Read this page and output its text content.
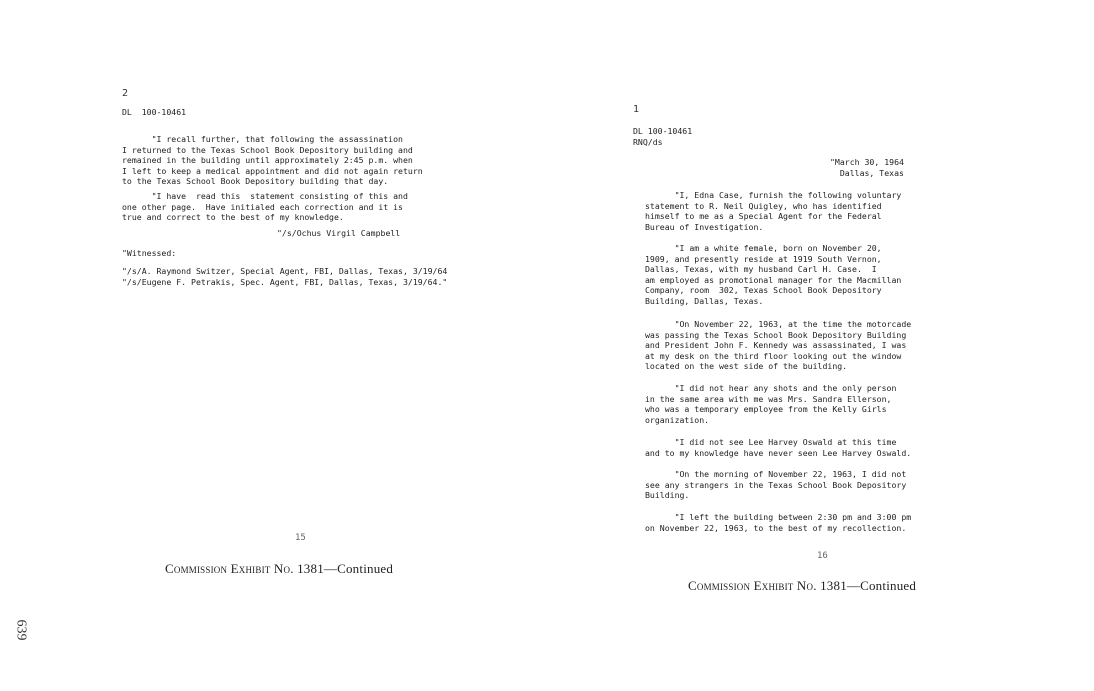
2
DL  100-10461
"I recall further, that following the assassination
I returned to the Texas School Book Depository building and
remained in the building until approximately 2:45 p.m. when
I left to keep a medical appointment and did not again return
to the Texas School Book Depository building that day.
"I have  read this  statement consisting of this and
one other page.  Have initialed each correction and it is
true and correct to the best of my knowledge.
"/s/Ochus Virgil Campbell
"Witnessed:
"/s/A. Raymond Switzer, Special Agent, FBI, Dallas, Texas, 3/19/64
"/s/Eugene F. Petrakis, Spec. Agent, FBI, Dallas, Texas, 3/19/64."
15
Commission Exhibit No. 1381—Continued
639
1
DL 100-10461
RNQ/ds
"March 30, 1964
Dallas, Texas
"I, Edna Case, furnish the following voluntary
statement to R. Neil Quigley, who has identified
himself to me as a Special Agent for the Federal
Bureau of Investigation.
"I am a white female, born on November 20,
1909, and presently reside at 1919 South Vernon,
Dallas, Texas, with my husband Carl H. Case.  I
am employed as promotional manager for the Macmillan
Company, room  302, Texas School Book Depository
Building, Dallas, Texas.
"On November 22, 1963, at the time the motorcade
was passing the Texas School Book Depository Building
and President John F. Kennedy was assassinated, I was
at my desk on the third floor looking out the window
located on the west side of the building.
"I did not hear any shots and the only person
in the same area with me was Mrs. Sandra Ellerson,
who was a temporary employee from the Kelly Girls
organization.
"I did not see Lee Harvey Oswald at this time
and to my knowledge have never seen Lee Harvey Oswald.
"On the morning of November 22, 1963, I did not
see any strangers in the Texas School Book Depository
Building.
"I left the building between 2:30 pm and 3:00 pm
on November 22, 1963, to the best of my recollection.
16
Commission Exhibit No. 1381—Continued
